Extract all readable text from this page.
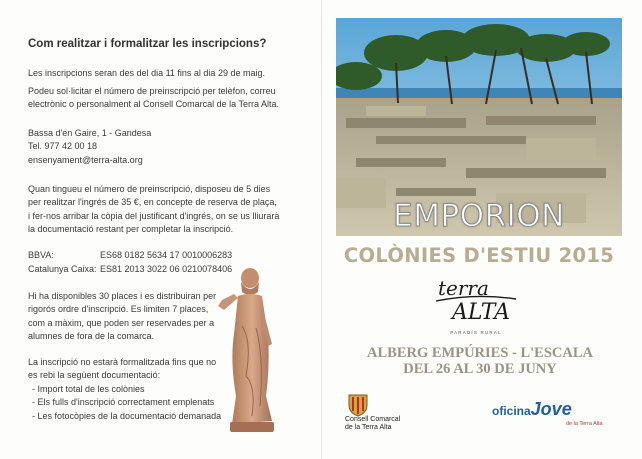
Com realitzar i formalitzar les inscripcions?
Les inscripcions seran des del dia 11 fins al dia 29 de maig.
Podeu sol·licitar el número de preinscripció per telèfon, correu
electrònic o personalment al Consell Comarcal de la Terra Alta.
Bassa d'en Gaire, 1 - Gandesa
Tel. 977 42 00 18
ensenyament@terra-alta.org
Quan tingueu el número de preinscripció, disposeu de 5 dies
per realitzar l'ingrés de 35 €, en concepte de reserva de plaça,
i fer-nos arribar la còpia del justificant d'ingrés, on se us lliurarà
la documentació restant per completar la inscripció.
BBVA:	ES68 0182 5634 17 0010006283
Catalunya Caixa: ES81 2013 3022 06 0210078406
Hi ha disponibles 30 places i es distribuiran per
rigorós ordre d'inscripció. Es limiten 7 places,
com a màxim, que poden ser reservades per a
alumnes de fora de la comarca.
La inscripció no estarà formalitzada fins que no
es rebi la següent documentació:
- Import total de les colònies
- Els fulls d'inscripció correctament emplenats
- Les fotocòpies de la documentació demanada
EMPORION
COLÒNIES D'ESTIU 2015
terra
ALTA
PARADÍS RURAL
ALBERG EMPÚRIES - L'ESCALA
DEL 26 AL 30 DE JUNY
Consell Comarcal
de la Terra Alta
oficinaJove
de la Terra Alta
